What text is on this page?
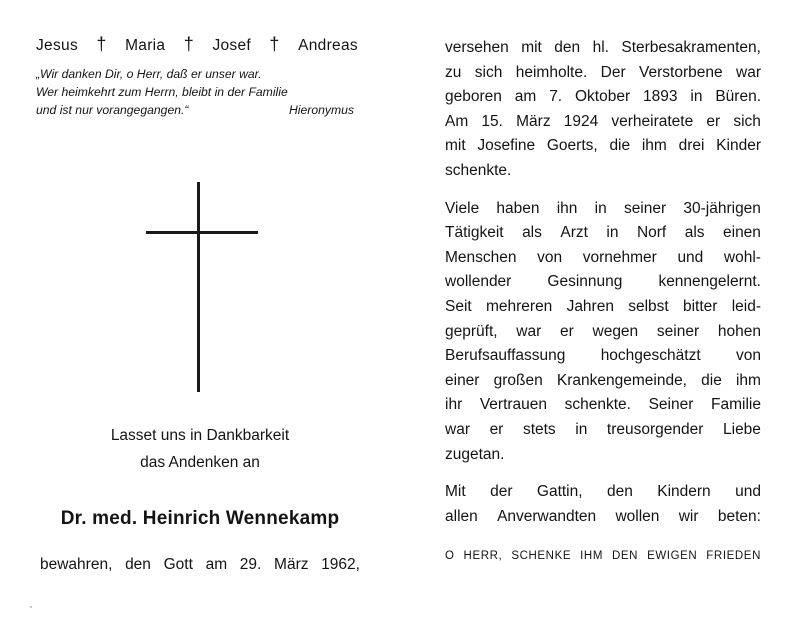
Jesus † Maria † Josef † Andreas
„Wir danken Dir, o Herr, daß er unser war.
Wer heimkehrt zum Herrn, bleibt in der Familie
und ist nur vorangegangen.“	Hieronymus
Lasset uns in Dankbarkeit
das Andenken an
Dr. med. Heinrich Wennekamp
bewahren, den Gott am 29. März 1962,
versehen mit den hl. Sterbesakramenten,
zu sich heimholte. Der Verstorbene war
geboren am 7. Oktober 1893 in Büren.
Am 15. März 1924 verheiratete er sich
mit Josefine Goerts, die ihm drei Kinder
schenkte.
Viele haben ihn in seiner 30-jährigen
Tätigkeit als Arzt in Norf als einen
Menschen von vornehmer und wohl-
wollender Gesinnung kennengelernt.
Seit mehreren Jahren selbst bitter leid-
geprüft, war er wegen seiner hohen
Berufsauffassung hochgeschätzt von
einer großen Krankengemeinde, die ihm
ihr Vertrauen schenkte. Seiner Familie
war er stets in treusorgender Liebe
zugetan.
Mit der Gattin, den Kindern und
allen Anverwandten wollen wir beten:
O HERR, SCHENKE IHM DEN EWIGEN FRIEDEN
